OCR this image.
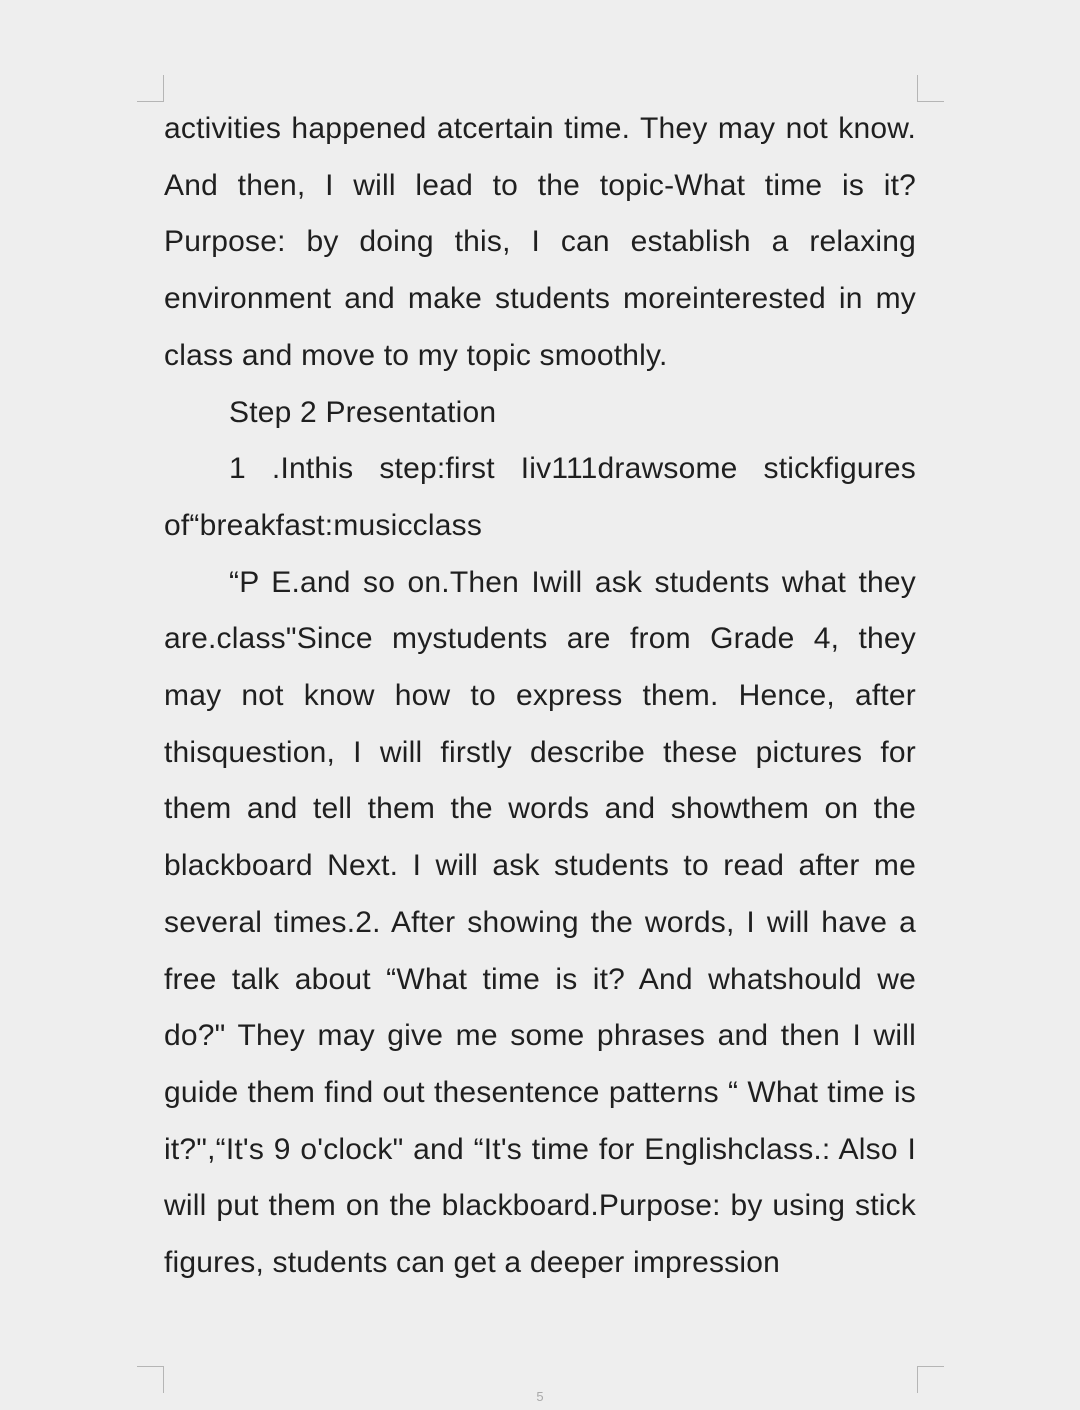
activities happened atcertain time. They may not know. And then, I will lead to the topic-What time is it?Purpose: by doing this, I can establish a relaxing environment and make students moreinterested in my class and move to my topic smoothly.

Step 2 Presentation

1 .Inthis step:first Iiv111drawsome stickfigures of“breakfast:musicclass

“P E.and so on.Then Iwill ask students what they are.class"Since mystudents are from Grade 4, they may not know how to express them. Hence, after thisquestion, I will firstly describe these pictures for them and tell them the words and showthem on the blackboard Next. I will ask students to read after me several times.2. After showing the words, I will have a free talk about “What time is it? And whatshould we do?" They may give me some phrases and then I will guide them find out thesentence patterns “ What time is it?",“It's 9 o'clock" and “It's time for Englishclass.: Also I will put them on the blackboard.Purpose: by using stick figures, students can get a deeper impression

5
